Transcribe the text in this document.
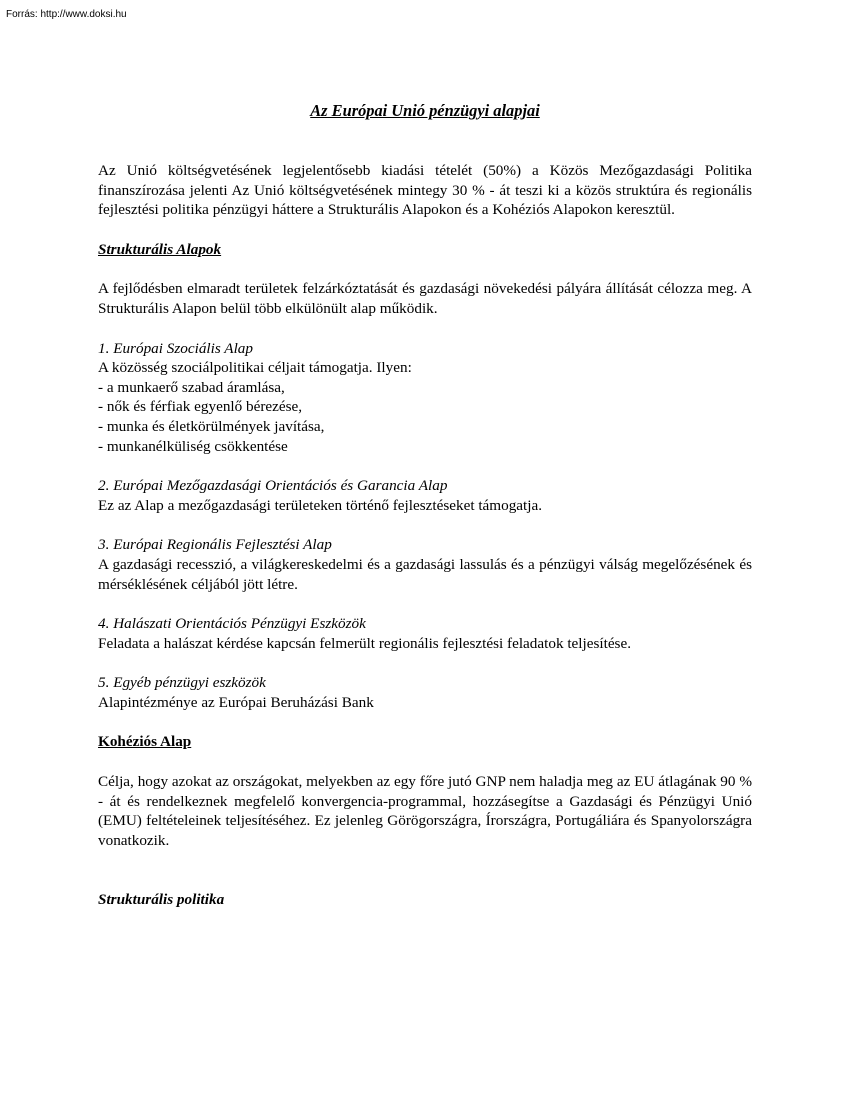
Forrás: http://www.doksi.hu
Az Európai Unió pénzügyi alapjai

Az Unió költségvetésének legjelentősebb kiadási tételét (50%) a Közös Mezőgazdasági Politika finanszírozása jelenti Az Unió költségvetésének mintegy 30 % - át teszi ki a közös struktúra és regionális fejlesztési politika pénzügyi háttere a Strukturális Alapokon és a Kohéziós Alapokon keresztül.

Strukturális Alapok

A fejlődésben elmaradt területek felzárkóztatását és gazdasági növekedési pályára állítását célozza meg. A Strukturális Alapon belül több elkülönült alap működik.

1. Európai Szociális Alap

A közösség szociálpolitikai céljait támogatja. Ilyen:

- a munkaerő szabad áramlása,
- nők és férfiak egyenlő bérezése,
- munka és életkörülmények javítása,
- munkanélküliség csökkentése

2. Európai Mezőgazdasági Orientációs és Garancia Alap

Ez az Alap a mezőgazdasági területeken történő fejlesztéseket támogatja.

3. Európai Regionális Fejlesztési Alap

A gazdasági recesszió, a világkereskedelmi és a gazdasági lassulás és a pénzügyi válság megelőzésének és mérséklésének céljából jött létre.

4. Halászati Orientációs Pénzügyi Eszközök

Feladata a halászat kérdése kapcsán felmerült regionális fejlesztési feladatok teljesítése.

5. Egyéb pénzügyi eszközök

Alapintézménye az Európai Beruházási Bank

Kohéziós Alap

Célja, hogy azokat az országokat, melyekben az egy főre jutó GNP nem haladja meg az EU átlagának 90 % - át és rendelkeznek megfelelő konvergencia-programmal, hozzásegítse a Gazdasági és Pénzügyi Unió (EMU) feltételeinek teljesítéséhez. Ez jelenleg Görögországra, Írországra, Portugáliára és Spanyolországra vonatkozik.

Strukturális politika
